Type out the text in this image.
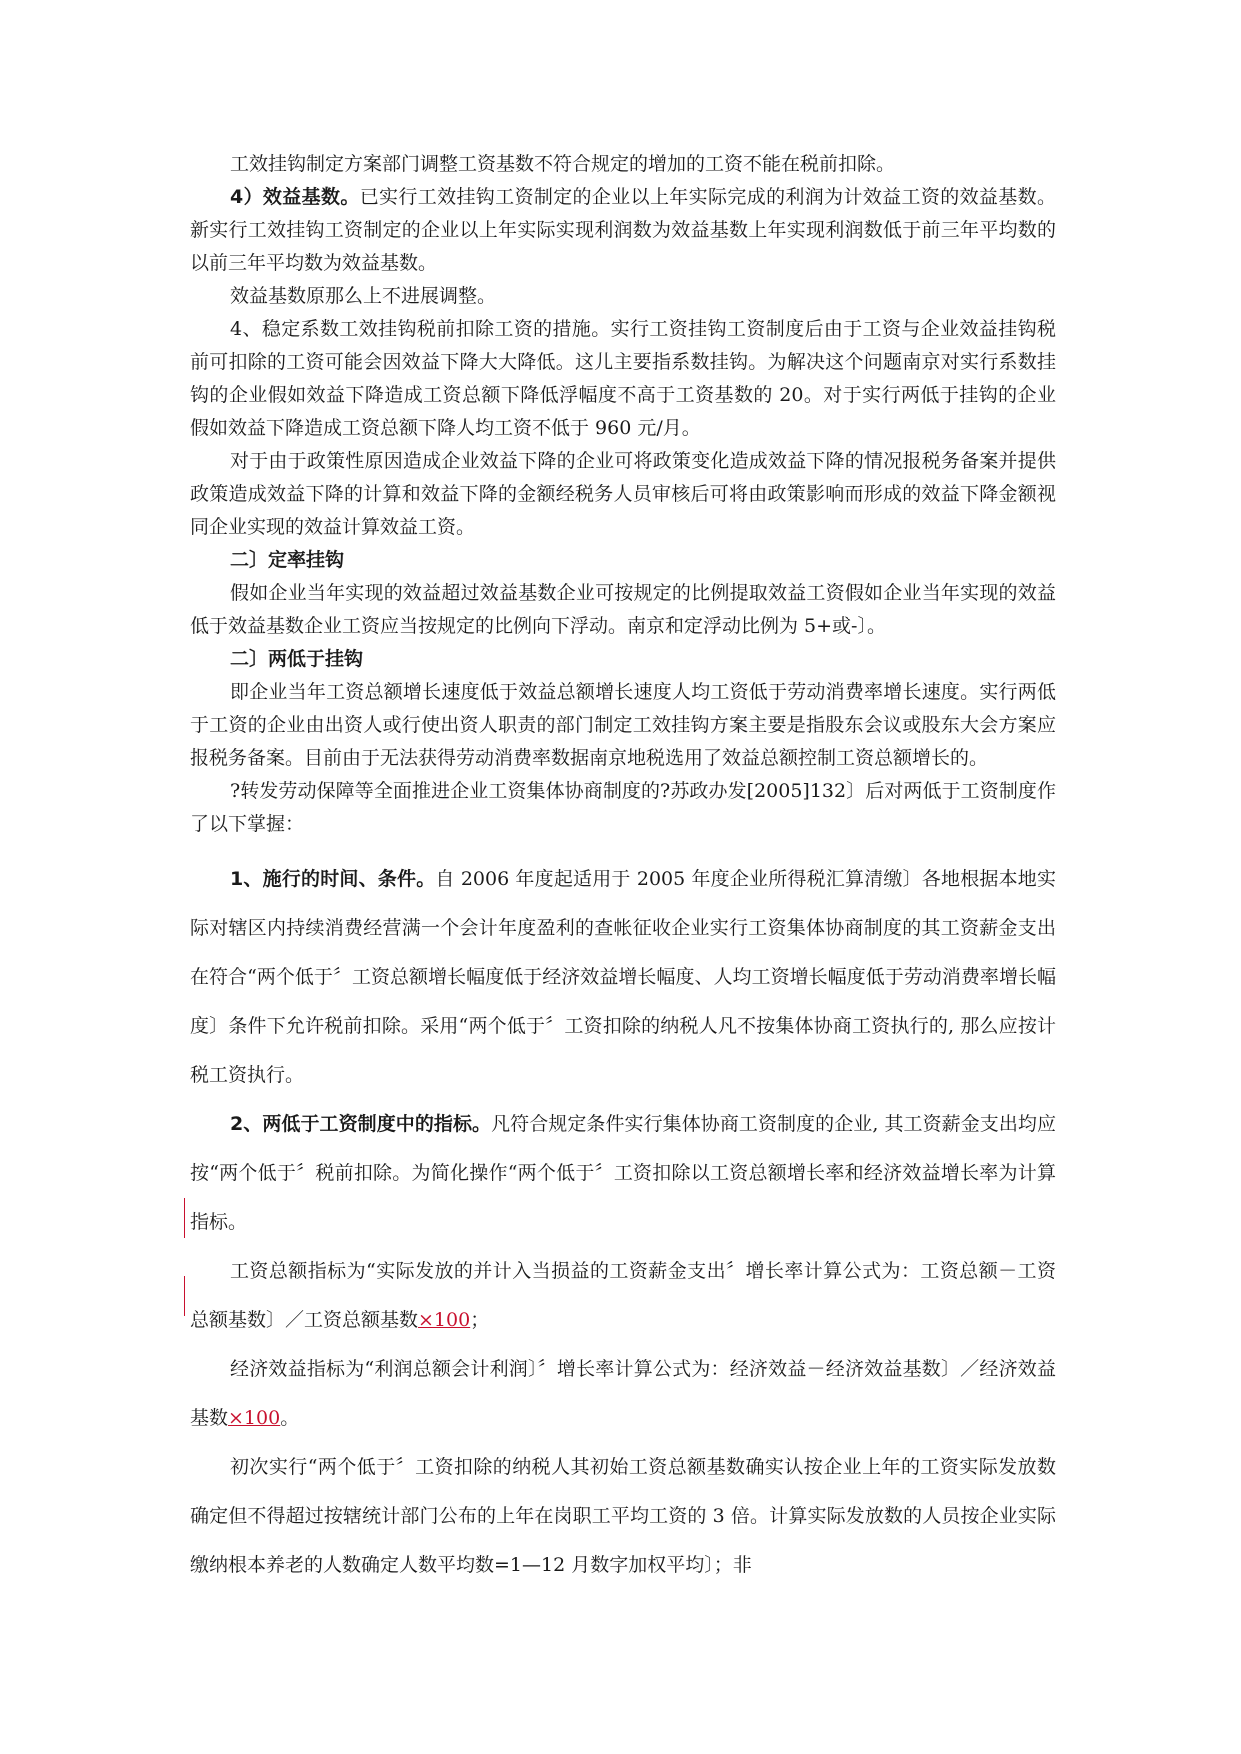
工效挂钩制定方案部门调整工资基数不符合规定的增加的工资不能在税前扣除。

4）效益基数。已实行工效挂钩工资制定的企业以上年实际完成的利润为计效益工资的效益基数。新实行工效挂钩工资制定的企业以上年实际实现利润数为效益基数上年实现利润数低于前三年平均数的以前三年平均数为效益基数。

效益基数原那么上不进展调整。

4、稳定系数工效挂钩税前扣除工资的措施。实行工资挂钩工资制度后由于工资与企业效益挂钩税前可扣除的工资可能会因效益下降大大降低。这儿主要指系数挂钩。为解决这个问题南京对实行系数挂钩的企业假如效益下降造成工资总额下降低浮幅度不高于工资基数的 20。对于实行两低于挂钩的企业假如效益下降造成工资总额下降人均工资不低于 960 元/月。

对于由于政策性原因造成企业效益下降的企业可将政策变化造成效益下降的情况报税务备案并提供政策造成效益下降的计算和效益下降的金额经税务人员审核后可将由政策影响而形成的效益下降金额视同企业实现的效益计算效益工资。

二〕定率挂钩

假如企业当年实现的效益超过效益基数企业可按规定的比例提取效益工资假如企业当年实现的效益低于效益基数企业工资应当按规定的比例向下浮动。南京和定浮动比例为 5+或-〕。

二〕两低于挂钩

即企业当年工资总额增长速度低于效益总额增长速度人均工资低于劳动消费率增长速度。实行两低于工资的企业由出资人或行使出资人职责的部门制定工效挂钩方案主要是指股东会议或股东大会方案应报税务备案。目前由于无法获得劳动消费率数据南京地税选用了效益总额控制工资总额增长的。

?转发劳动保障等全面推进企业工资集体协商制度的?苏政办发[2005]132〕后对两低于工资制度作了以下掌握：

1、施行的时间、条件。自 2006 年度起适用于 2005 年度企业所得税汇算清缴〕各地根据本地实际对辖区内持续消费经营满一个会计年度盈利的查帐征收企业实行工资集体协商制度的其工资薪金支出在符合“两个低于〞工资总额增长幅度低于经济效益增长幅度、人均工资增长幅度低于劳动消费率增长幅度〕条件下允许税前扣除。采用“两个低于〞工资扣除的纳税人凡不按集体协商工资执行的, 那么应按计税工资执行。

2、两低于工资制度中的指标。凡符合规定条件实行集体协商工资制度的企业, 其工资薪金支出均应按“两个低于〞税前扣除。为简化操作“两个低于〞工资扣除以工资总额增长率和经济效益增长率为计算指标。

工资总额指标为“实际发放的并计入当损益的工资薪金支出〞增长率计算公式为：工资总额－工资总额基数〕／工资总额基数×100；

经济效益指标为“利润总额会计利润〕〞增长率计算公式为：经济效益－经济效益基数〕／经济效益基数×100。

初次实行“两个低于〞工资扣除的纳税人其初始工资总额基数确实认按企业上年的工资实际发放数确定但不得超过按辖统计部门公布的上年在岗职工平均工资的 3 倍。计算实际发放数的人员按企业实际缴纳根本养老的人数确定人数平均数=1—12 月数字加权平均〕；非
